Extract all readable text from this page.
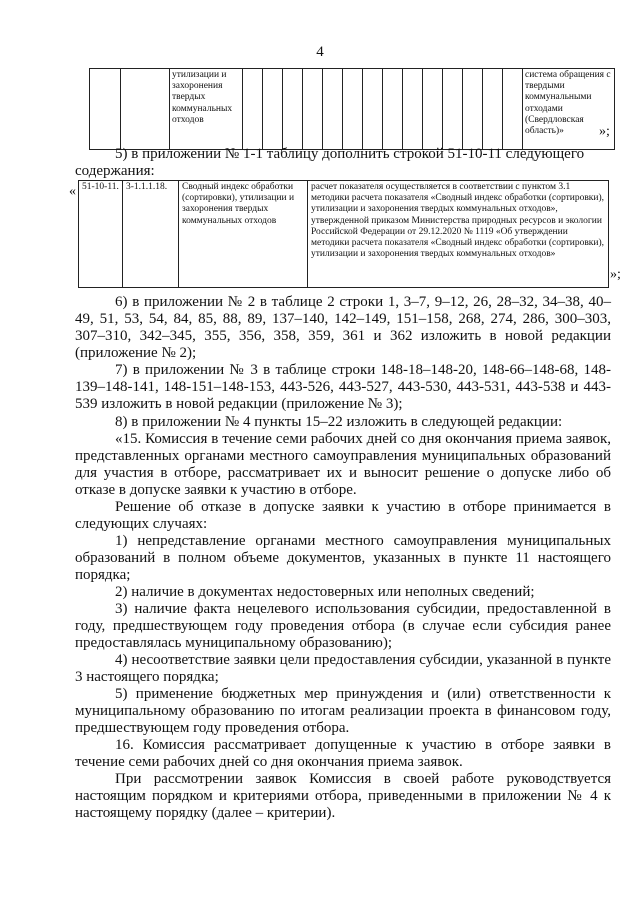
4
		утилизации и захоронения твердых коммунальных отходов															система обращения с твердыми коммунальными отходами (Свердловская область)»	»;
5) в приложении № 1-1 таблицу дополнить строкой 51-10-11 следующего
содержания:
« 51-10-11.	3-1.1.1.18.	Сводный индекс обработки (сортировки), утилизации и захоронения твердых коммунальных отходов	расчет показателя осуществляется в соответствии с пунктом 3.1 методики расчета показателя «Сводный индекс обработки (сортировки), утилизации и захоронения твердых коммунальных отходов», утвержденной приказом Министерства природных ресурсов и экологии Российской Федерации от 29.12.2020 № 1119 «Об утверждении методики расчета показателя «Сводный индекс обработки (сортировки), утилизации и захоронения твердых коммунальных отходов»
»;
6) в приложении № 2 в таблице 2 строки 1, 3–7, 9–12, 26, 28–32, 34–38, 40–49, 51, 53, 54, 84, 85, 88, 89, 137–140, 142–149, 151–158, 268, 274, 286, 300–303, 307–310, 342–345, 355, 356, 358, 359, 361 и 362 изложить в новой редакции (приложение № 2);
7) в приложении № 3 в таблице строки 148-18–148-20, 148-66–148-68, 148-139–148-141, 148-151–148-153, 443-526, 443-527, 443-530, 443-531, 443-538 и 443-539 изложить в новой редакции (приложение № 3);
8) в приложении № 4 пункты 15–22 изложить в следующей редакции:
«15. Комиссия в течение семи рабочих дней со дня окончания приема заявок, представленных органами местного самоуправления муниципальных образований для участия в отборе, рассматривает их и выносит решение о допуске либо об отказе в допуске заявки к участию в отборе.
Решение об отказе в допуске заявки к участию в отборе принимается в следующих случаях:
1) непредставление органами местного самоуправления муниципальных образований в полном объеме документов, указанных в пункте 11 настоящего порядка;
2) наличие в документах недостоверных или неполных сведений;
3) наличие факта нецелевого использования субсидии, предоставленной в году, предшествующем году проведения отбора (в случае если субсидия ранее предоставлялась муниципальному образованию);
4) несоответствие заявки цели предоставления субсидии, указанной в пункте 3 настоящего порядка;
5) применение бюджетных мер принуждения и (или) ответственности к муниципальному образованию по итогам реализации проекта в финансовом году, предшествующем году проведения отбора.
16. Комиссия рассматривает допущенные к участию в отборе заявки в течение семи рабочих дней со дня окончания приема заявок.
При рассмотрении заявок Комиссия в своей работе руководствуется настоящим порядком и критериями отбора, приведенными в приложении № 4 к настоящему порядку (далее – критерии).
